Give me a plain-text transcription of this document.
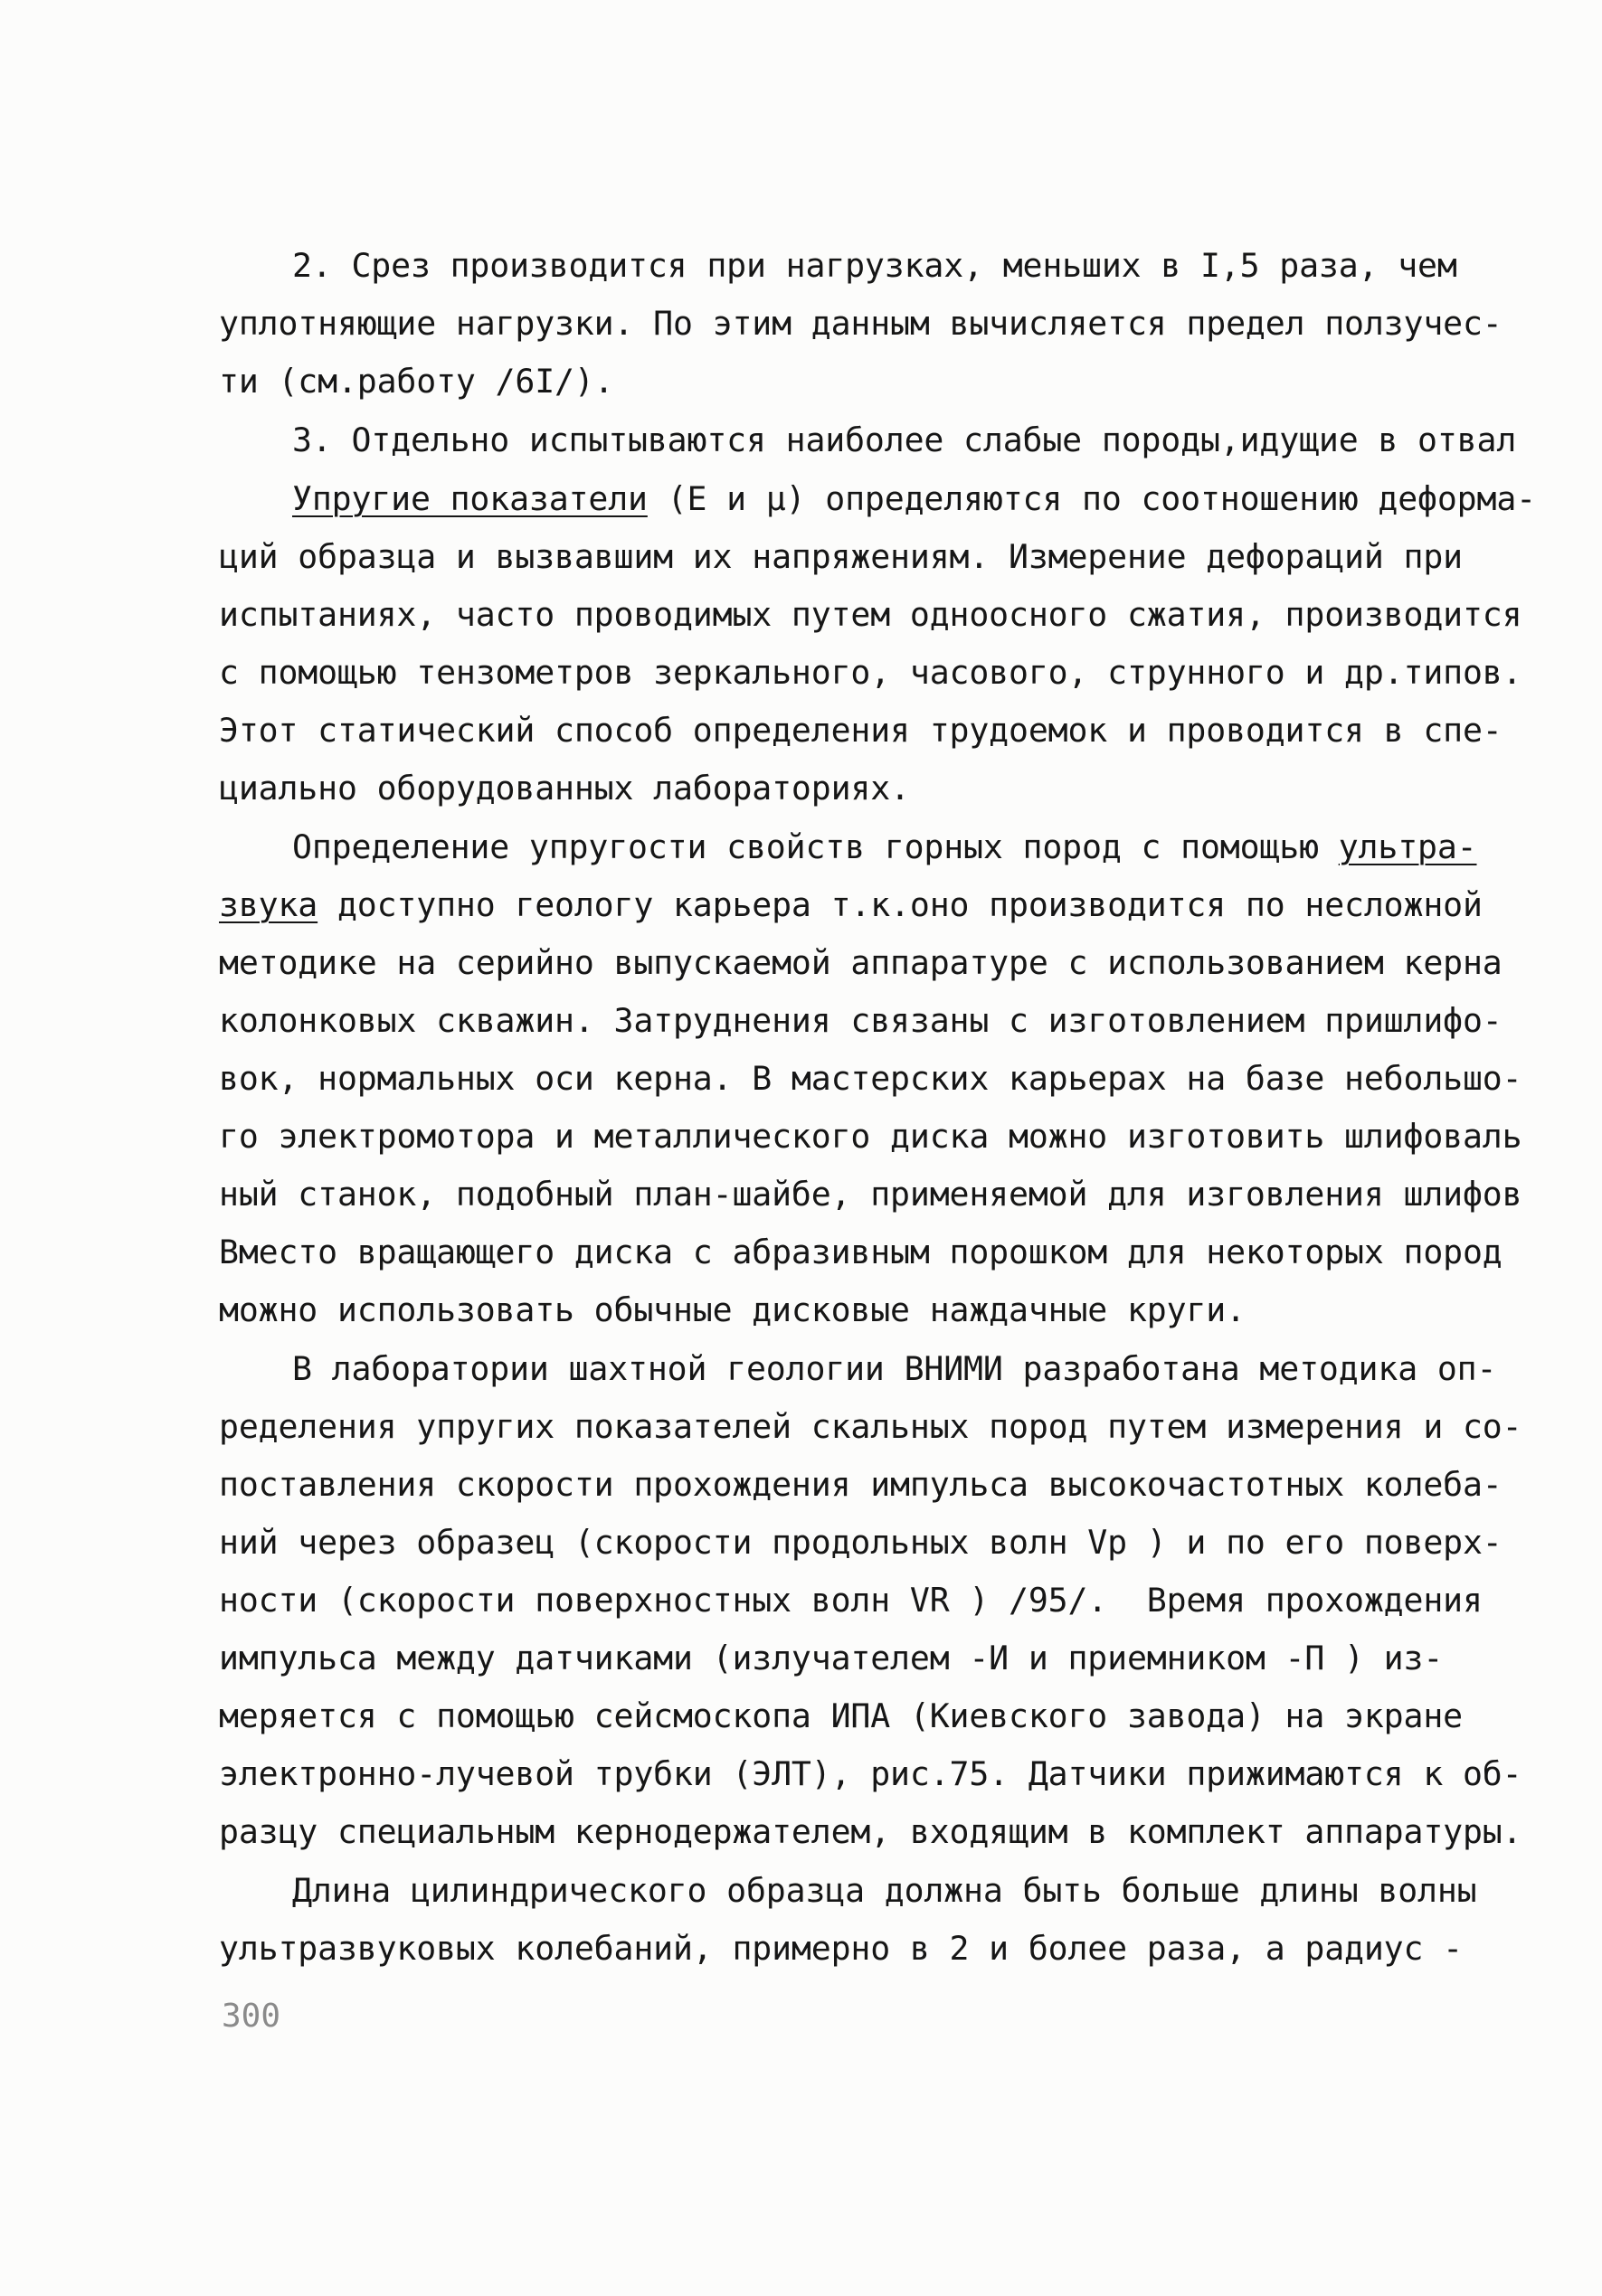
2. Срез производится при нагрузках, меньших в I,5 раза, чем
уплотняющие нагрузки. По этим данным вычисляется предел ползучес-
ти (см.работу /6I/).
3. Отдельно испытываются наиболее слабые породы,идущие в отвал
Упругие показатели (Е и μ) определяются по соотношению деформа-
ций образца и вызвавшим их напряжениям. Измерение дефораций при
испытаниях, часто проводимых путем одноосного сжатия, производится
с помощью тензометров зеркального, часового, струнного и др.типов.
Этот статический способ определения трудоемок и проводится в спе-
циально оборудованных лабораториях.
Определение упругости свойств горных пород с помощью ультра-
звука доступно геологу карьера т.к.оно производится по несложной
методике на серийно выпускаемой аппаратуре с использованием керна
колонковых скважин. Затруднения связаны с изготовлением пришлифо-
вок, нормальных оси керна. В мастерских карьерах на базе небольшо-
го электромотора и металлического диска можно изготовить шлифоваль
ный станок, подобный план-шайбе, применяемой для изговления шлифов
Вместо вращающего диска с абразивным порошком для некоторых пород
можно использовать обычные дисковые наждачные круги.
В лаборатории шахтной геологии ВНИМИ разработана методика оп-
ределения упругих показателей скальных пород путем измерения и со-
поставления скорости прохождения импульса высокочастотных колеба-
ний через образец (скорости продольных волн Vp ) и по его поверх-
ности (скорости поверхностных волн VR ) /95/.  Время прохождения
импульса между датчиками (излучателем -И и приемником -П ) из-
меряется с помощью сейсмоскопа ИПА (Киевского завода) на экране
электронно-лучевой трубки (ЭЛТ), рис.75. Датчики прижимаются к об-
разцу специальным кернодержателем, входящим в комплект аппаратуры.
Длина цилиндрического образца должна быть больше длины волны
ультразвуковых колебаний, примерно в 2 и более раза, а радиус -
300
